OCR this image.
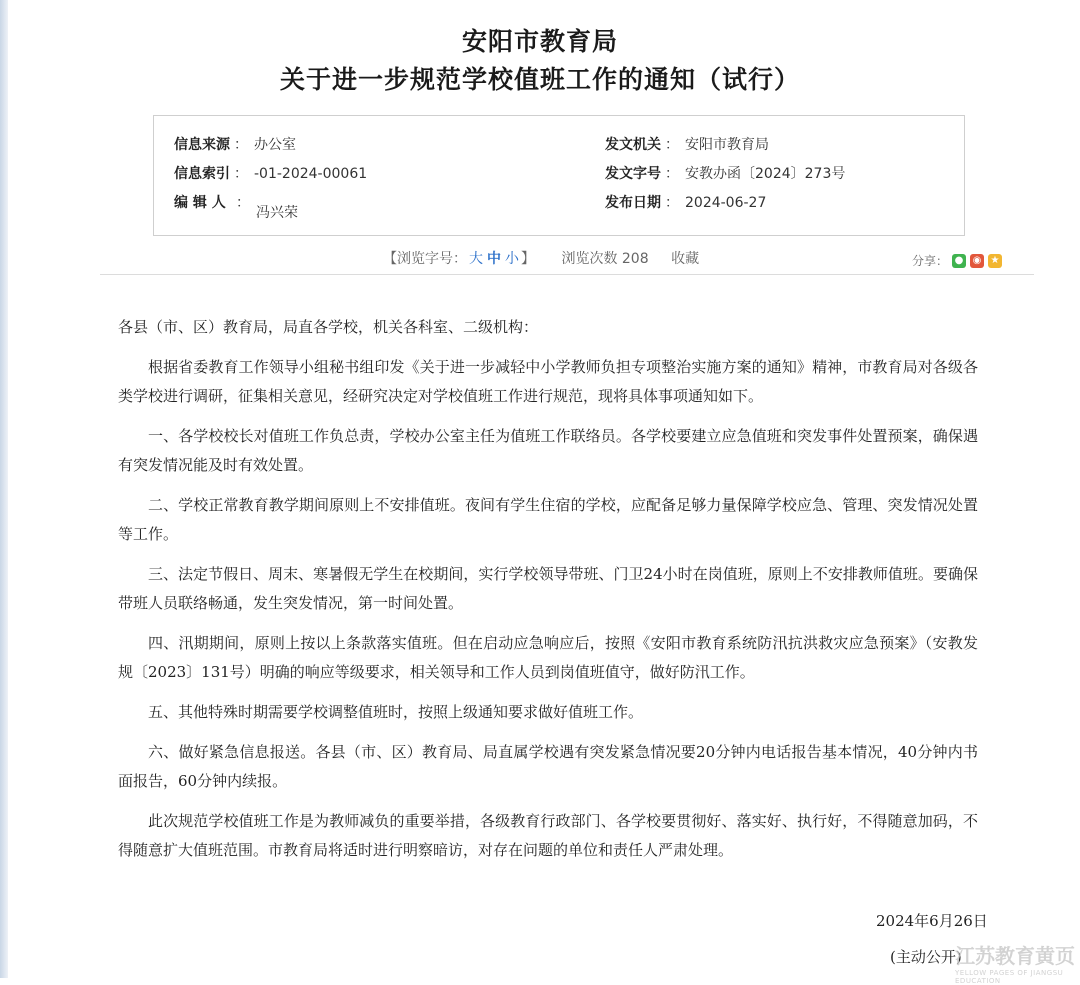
安阳市教育局
关于进一步规范学校值班工作的通知（试行）
信息来源 ： 办公室
信息索引 ： -01-2024-00061
编 辑 人 ：冯兴荣
发文机关 ： 安阳市教育局
发文字号 ： 安教办函〔2024〕273号
发布日期 ： 2024-06-27
【浏览字号： 大 中 小 】 浏览次数 208 收藏	分享： ● ◉ ★

各县（市、区）教育局，局直各学校，机关各科室、二级机构：

根据省委教育工作领导小组秘书组印发《关于进一步减轻中小学教师负担专项整治实施方案的通知》精神，市教育局对各级各类学校进行调研，征集相关意见，经研究决定对学校值班工作进行规范，现将具体事项通知如下。

一、各学校校长对值班工作负总责，学校办公室主任为值班工作联络员。各学校要建立应急值班和突发事件处置预案，确保遇有突发情况能及时有效处置。

二、学校正常教育教学期间原则上不安排值班。夜间有学生住宿的学校，应配备足够力量保障学校应急、管理、突发情况处置等工作。

三、法定节假日、周末、寒暑假无学生在校期间，实行学校领导带班、门卫24小时在岗值班，原则上不安排教师值班。要确保带班人员联络畅通，发生突发情况，第一时间处置。

四、汛期期间，原则上按以上条款落实值班。但在启动应急响应后，按照《安阳市教育系统防汛抗洪救灾应急预案》（安教发规〔2023〕131号）明确的响应等级要求，相关领导和工作人员到岗值班值守，做好防汛工作。

五、其他特殊时期需要学校调整值班时，按照上级通知要求做好值班工作。

六、做好紧急信息报送。各县（市、区）教育局、局直属学校遇有突发紧急情况要20分钟内电话报告基本情况，40分钟内书面报告，60分钟内续报。

此次规范学校值班工作是为教师减负的重要举措，各级教育行政部门、各学校要贯彻好、落实好、执行好，不得随意加码，不得随意扩大值班范围。市教育局将适时进行明察暗访，对存在问题的单位和责任人严肃处理。

2024年6月26日
(主动公开)
江苏教育黄页
YELLOW PAGES OF JIANGSU EDUCATION
